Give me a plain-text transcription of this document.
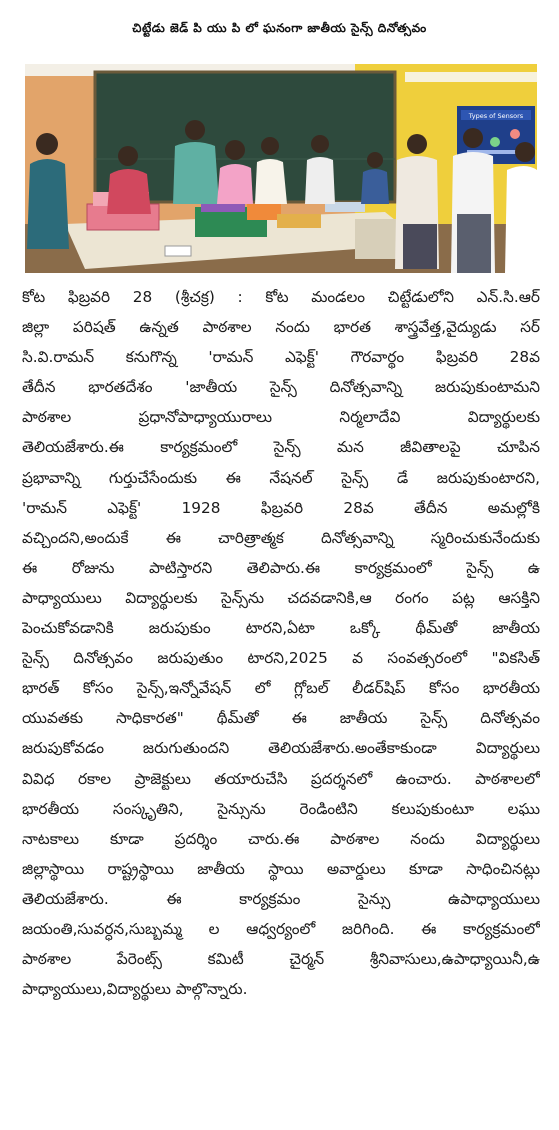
చిట్టేడు జెడ్ పి యు పి లో ఘనంగా జాతీయ సైన్స్ దినోత్సవం
Types of Sensors
కోట ఫిబ్రవరి 28 (శ్రీచక్ర) : కోట మండలం చిట్టేడులోని ఎన్.సి.ఆర్
జిల్లా పరిషత్ ఉన్నత పాఠశాల నందు భారత శాస్త్రవేత్త,వైద్యుడు సర్
సి.వి.రామన్ కనుగొన్న 'రామన్ ఎఫెక్ట్' గౌరవార్థం ఫిబ్రవరి 28వ
తేదీన భారతదేశం 'జాతీయ సైన్స్ దినోత్సవాన్ని జరుపుకుంటామని
పాఠశాల ప్రధానోపాధ్యాయురాలు నిర్మలాదేవి విద్యార్థులకు
తెలియజేశారు.ఈ కార్యక్రమంలో సైన్స్ మన జీవితాలపై చూపిన
ప్రభావాన్ని గుర్తుచేసేందుకు ఈ నేషనల్ సైన్స్ డే జరుపుకుంటారని,
'రామన్ ఎఫెక్ట్' 1928 ఫిబ్రవరి 28వ తేదీన అమల్లోకి
వచ్చిందని,అందుకే ఈ చారిత్రాత్మక దినోత్సవాన్ని స్మరించుకునేందుకు
ఈ రోజును పాటిస్తారని తెలిపారు.ఈ కార్యక్రమంలో సైన్స్ ఉ
పాధ్యాయులు విద్యార్థులకు సైన్స్‌ను చదవడానికి,ఆ రంగం పట్ల ఆసక్తిని
పెంచుకోవడానికి జరుపుకుం టారని,ఏటా ఒక్కో థీమ్‌తో జాతీయ
సైన్స్ దినోత్సవం జరుపుతుం టారని,2025 వ సంవత్సరంలో "వికసిత్
భారత్ కోసం సైన్స్,ఇన్నోవేషన్ లో గ్లోబల్ లీడర్‌షిప్ కోసం భారతీయ
యువతకు సాధికారత" థీమ్‌తో ఈ జాతీయ సైన్స్ దినోత్సవం
జరుపుకోవడం జరుగుతుందని తెలియజేశారు.అంతేకాకుండా విద్యార్థులు
వివిధ రకాల ప్రాజెక్టులు తయారుచేసి ప్రదర్శనలో ఉంచారు. పాఠశాలలో
భారతీయ సంస్కృతిని, సైన్సును రెండింటిని కలుపుకుంటూ లఘు
నాటకాలు కూడా ప్రదర్శిం చారు.ఈ పాఠశాల నందు విద్యార్థులు
జిల్లాస్థాయి రాష్ట్రస్థాయి జాతీయ స్థాయి అవార్డులు కూడా సాధించినట్లు
తెలియజేశారు. ఈ కార్యక్రమం సైన్సు ఉపాధ్యాయులు
జయంతి,సువర్ధన,సుబ్బమ్మ ల ఆధ్వర్యంలో జరిగింది. ఈ కార్యక్రమంలో
పాఠశాల పేరెంట్స్ కమిటీ చైర్మన్ శ్రీనివాసులు,ఉపాధ్యాయినీ,ఉ
పాధ్యాయులు,విద్యార్థులు పాల్గొన్నారు.
